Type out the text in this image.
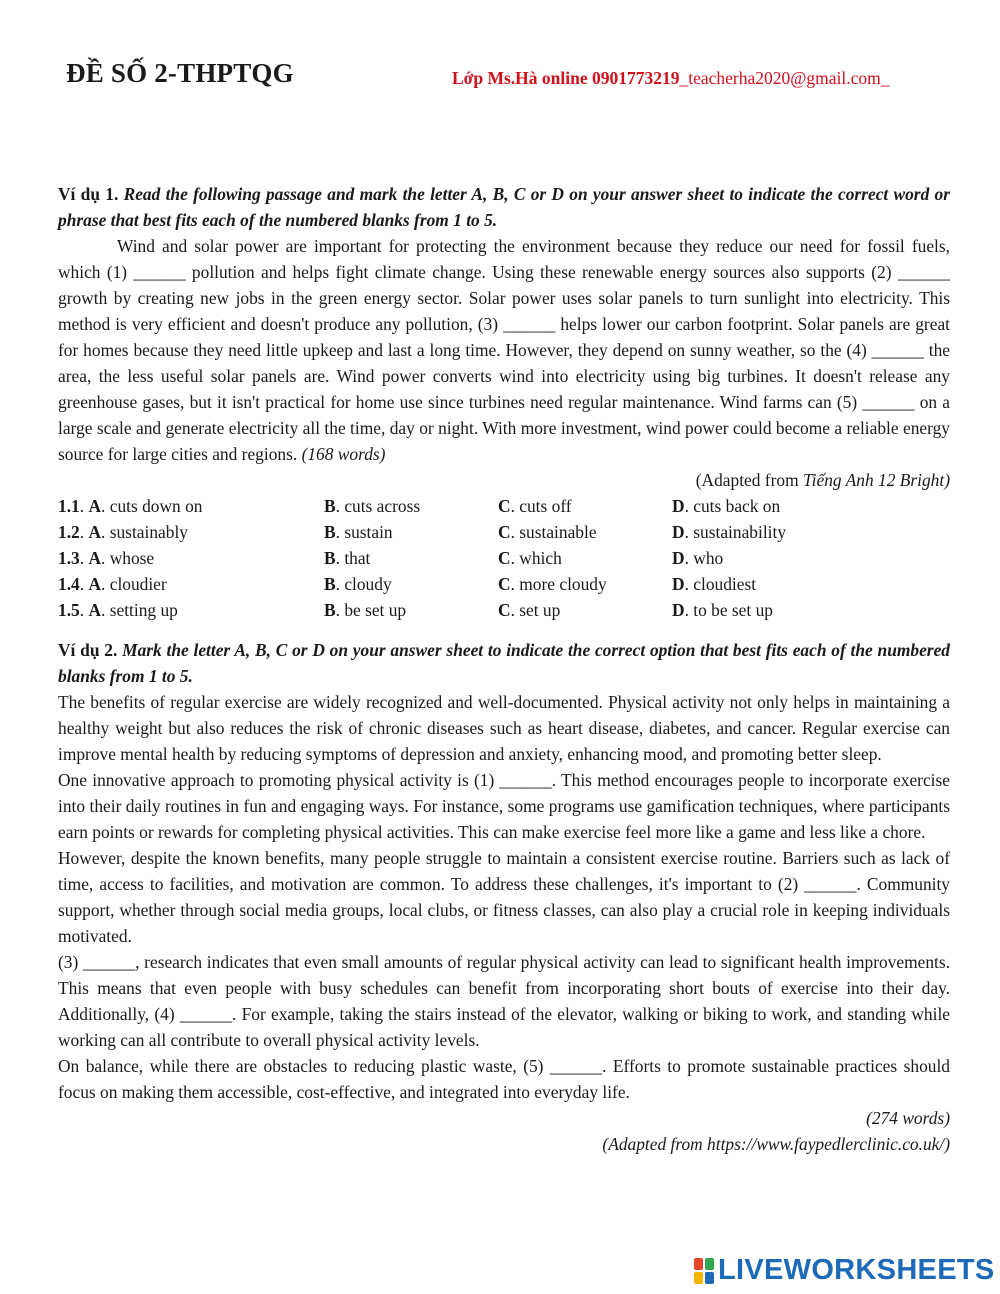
ĐỀ SỐ 2-THPTQG	Lớp Ms.Hà online 0901773219_teacherha2020@gmail.com_

Ví dụ 1. Read the following passage and mark the letter A, B, C or D on your answer sheet to indicate the correct word or phrase that best fits each of the numbered blanks from 1 to 5.

Wind and solar power are important for protecting the environment because they reduce our need for fossil fuels, which (1) ______ pollution and helps fight climate change. Using these renewable energy sources also supports (2) ______ growth by creating new jobs in the green energy sector. Solar power uses solar panels to turn sunlight into electricity. This method is very efficient and doesn't produce any pollution, (3) ______ helps lower our carbon footprint. Solar panels are great for homes because they need little upkeep and last a long time. However, they depend on sunny weather, so the (4) ______ the area, the less useful solar panels are. Wind power converts wind into electricity using big turbines. It doesn't release any greenhouse gases, but it isn't practical for home use since turbines need regular maintenance. Wind farms can (5) ______ on a large scale and generate electricity all the time, day or night. With more investment, wind power could become a reliable energy source for large cities and regions. (168 words)

(Adapted from Tiếng Anh 12 Bright)

1.1. A. cuts down on	B. cuts across	C. cuts off	D. cuts back on
1.2. A. sustainably	B. sustain	C. sustainable	D. sustainability
1.3. A. whose	B. that	C. which	D. who
1.4. A. cloudier	B. cloudy	C. more cloudy	D. cloudiest
1.5. A. setting up	B. be set up	C. set up	D. to be set up

Ví dụ 2. Mark the letter A, B, C or D on your answer sheet to indicate the correct option that best fits each of the numbered blanks from 1 to 5.

The benefits of regular exercise are widely recognized and well-documented. Physical activity not only helps in maintaining a healthy weight but also reduces the risk of chronic diseases such as heart disease, diabetes, and cancer. Regular exercise can improve mental health by reducing symptoms of depression and anxiety, enhancing mood, and promoting better sleep.

One innovative approach to promoting physical activity is (1) ______. This method encourages people to incorporate exercise into their daily routines in fun and engaging ways. For instance, some programs use gamification techniques, where participants earn points or rewards for completing physical activities. This can make exercise feel more like a game and less like a chore.

However, despite the known benefits, many people struggle to maintain a consistent exercise routine. Barriers such as lack of time, access to facilities, and motivation are common. To address these challenges, it's important to (2) ______. Community support, whether through social media groups, local clubs, or fitness classes, can also play a crucial role in keeping individuals motivated.

(3) ______, research indicates that even small amounts of regular physical activity can lead to significant health improvements. This means that even people with busy schedules can benefit from incorporating short bouts of exercise into their day. Additionally, (4) ______. For example, taking the stairs instead of the elevator, walking or biking to work, and standing while working can all contribute to overall physical activity levels.

On balance, while there are obstacles to reducing plastic waste, (5) ______. Efforts to promote sustainable practices should focus on making them accessible, cost-effective, and integrated into everyday life.

(274 words)

(Adapted from https://www.faypedlerclinic.co.uk/)

LIVEWORKSHEETS
